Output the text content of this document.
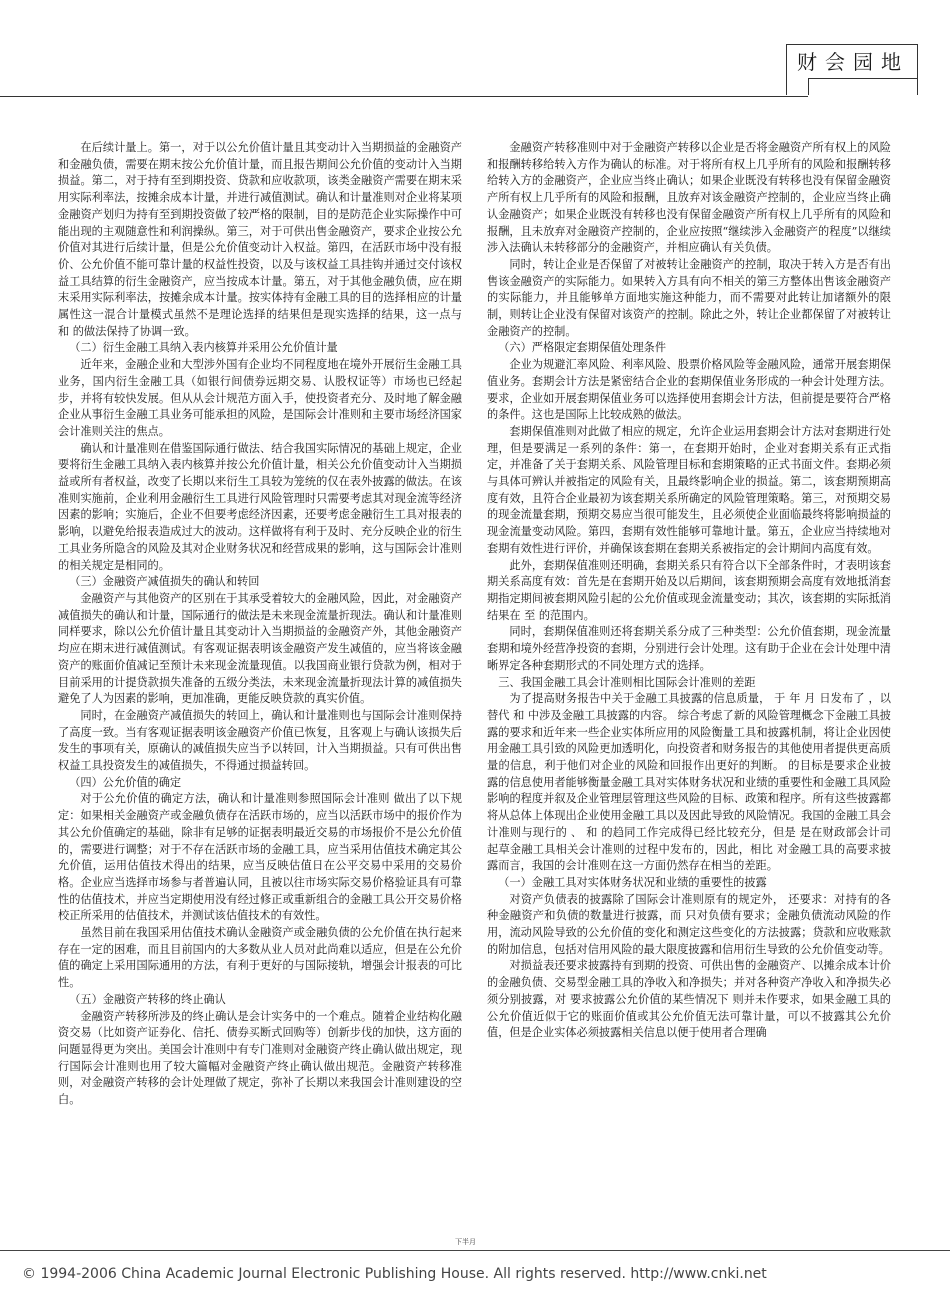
财 会 园 地

在后续计量上。第一，对于以公允价值计量且其变动计入当期损益的金融资产和金融负债，需要在期末按公允价值计量，而且报告期间公允价值的变动计入当期损益。第二，对于持有至到期投资、贷款和应收款项，该类金融资产需要在期末采用实际利率法，按摊余成本计量，并进行减值测试。确认和计量准则对企业将某项金融资产划归为持有至到期投资做了较严格的限制，目的是防范企业实际操作中可能出现的主观随意性和利润操纵。第三，对于可供出售金融资产，要求企业按公允价值对其进行后续计量，但是公允价值变动计入权益。第四，在活跃市场中没有报价、公允价值不能可靠计量的权益性投资，以及与该权益工具挂钩并通过交付该权益工具结算的衍生金融资产，应当按成本计量。第五，对于其他金融负债，应在期末采用实际利率法，按摊余成本计量。按实体持有金融工具的目的选择相应的计量属性这一混合计量模式虽然不是理论选择的结果但是现实选择的结果，这一点与 和 的做法保持了协调一致。

（二）衍生金融工具纳入表内核算并采用公允价值计量

近年来，金融企业和大型涉外国有企业均不同程度地在境外开展衍生金融工具业务，国内衍生金融工具（如银行间债券远期交易、认股权证等）市场也已经起步，并将有较快发展。但从从会计规范方面入手，使投资者充分、及时地了解金融企业从事衍生金融工具业务可能承担的风险，是国际会计准则和主要市场经济国家会计准则关注的焦点。

确认和计量准则在借鉴国际通行做法、结合我国实际情况的基础上规定，企业要将衍生金融工具纳入表内核算并按公允价值计量，相关公允价值变动计入当期损益或所有者权益，改变了长期以来衍生工具较为笼统的仅在表外披露的做法。在该准则实施前，企业利用金融衍生工具进行风险管理时只需要考虑其对现金流等经济因素的影响；实施后，企业不但要考虑经济因素，还要考虑金融衍生工具对报表的影响，以避免给报表造成过大的波动。这样做将有利于及时、充分反映企业的衍生工具业务所隐含的风险及其对企业财务状况和经营成果的影响，这与国际会计准则的相关规定是相同的。

（三）金融资产减值损失的确认和转回

金融资产与其他资产的区别在于其承受着较大的金融风险，因此，对金融资产减值损失的确认和计量，国际通行的做法是未来现金流量折现法。确认和计量准则同样要求，除以公允价值计量且其变动计入当期损益的金融资产外，其他金融资产均应在期末进行减值测试。有客观证据表明该金融资产发生减值的，应当将该金融资产的账面价值减记至预计未来现金流量现值。以我国商业银行贷款为例，相对于目前采用的计提贷款损失准备的五级分类法，未来现金流量折现法计算的减值损失避免了人为因素的影响，更加准确，更能反映贷款的真实价值。

同时，在金融资产减值损失的转回上，确认和计量准则也与国际会计准则保持了高度一致。当有客观证据表明该金融资产价值已恢复，且客观上与确认该损失后发生的事项有关，原确认的减值损失应当予以转回，计入当期损益。只有可供出售权益工具投资发生的减值损失，不得通过损益转回。

（四）公允价值的确定

对于公允价值的确定方法，确认和计量准则参照国际会计准则 做出了以下规定：如果相关金融资产或金融负债存在活跃市场的，应当以活跃市场中的报价作为其公允价值确定的基础，除非有足够的证据表明最近交易的市场报价不是公允价值的，需要进行调整；对于不存在活跃市场的金融工具，应当采用估值技术确定其公允价值，运用估值技术得出的结果，应当反映估值日在公平交易中采用的交易价格。企业应当选择市场参与者普遍认同，且被以往市场实际交易价格验证具有可靠性的估值技术，并应当定期使用没有经过修正或重新组合的金融工具公开交易价格校正所采用的估值技术，并测试该估值技术的有效性。

虽然目前在我国采用估值技术确认金融资产或金融负债的公允价值在执行起来存在一定的困难，而且目前国内的大多数从业人员对此尚难以适应，但是在公允价值的确定上采用国际通用的方法，有利于更好的与国际接轨，增强会计报表的可比性。

（五）金融资产转移的终止确认

金融资产转移所涉及的终止确认是会计实务中的一个难点。随着企业结构化融资交易（比如资产证券化、信托、债券买断式回购等）创新步伐的加快，这方面的问题显得更为突出。美国会计准则中有专门准则对金融资产终止确认做出规定，现行国际会计准则也用了较大篇幅对金融资产终止确认做出规范。金融资产转移准则，对金融资产转移的会计处理做了规定，弥补了长期以来我国会计准则建设的空白。

金融资产转移准则中对于金融资产转移以企业是否将金融资产所有权上的风险和报酬转移给转入方作为确认的标准。对于将所有权上几乎所有的风险和报酬转移给转入方的金融资产，企业应当终止确认；如果企业既没有转移也没有保留金融资产所有权上几乎所有的风险和报酬，且放弃对该金融资产控制的，企业应当终止确认金融资产；如果企业既没有转移也没有保留金融资产所有权上几乎所有的风险和报酬，且未放弃对金融资产控制的，企业应按照“继续涉入金融资产的程度”以继续涉入法确认未转移部分的金融资产，并相应确认有关负债。

同时，转让企业是否保留了对被转让金融资产的控制，取决于转入方是否有出售该金融资产的实际能力。如果转入方具有向不相关的第三方整体出售该金融资产的实际能力，并且能够单方面地实施这种能力，而不需要对此转让加诸额外的限制，则转让企业没有保留对该资产的控制。除此之外，转让企业都保留了对被转让金融资产的控制。

（六）严格限定套期保值处理条件

企业为规避汇率风险、利率风险、股票价格风险等金融风险，通常开展套期保值业务。套期会计方法是紧密结合企业的套期保值业务形成的一种会计处理方法。 要求，企业如开展套期保值业务可以选择使用套期会计方法，但前提是要符合严格的条件。这也是国际上比较成熟的做法。

套期保值准则对此做了相应的规定，允许企业运用套期会计方法对套期进行处理，但是要满足一系列的条件：第一，在套期开始时，企业对套期关系有正式指定，并准备了关于套期关系、风险管理目标和套期策略的正式书面文件。套期必须与具体可辨认并被指定的风险有关，且最终影响企业的损益。第二，该套期预期高度有效，且符合企业最初为该套期关系所确定的风险管理策略。第三，对预期交易的现金流量套期，预期交易应当很可能发生，且必须使企业面临最终将影响损益的现金流量变动风险。第四，套期有效性能够可靠地计量。第五，企业应当持续地对套期有效性进行评价，并确保该套期在套期关系被指定的会计期间内高度有效。

此外，套期保值准则还明确，套期关系只有符合以下全部条件时，才表明该套期关系高度有效：首先是在套期开始及以后期间，该套期预期会高度有效地抵消套期指定期间被套期风险引起的公允价值或现金流量变动；其次，该套期的实际抵消结果在 至 的范围内。

同时，套期保值准则还将套期关系分成了三种类型：公允价值套期，现金流量套期和境外经营净投资的套期，分别进行会计处理。这有助于企业在会计处理中清晰界定各种套期形式的不同处理方式的选择。

三、我国金融工具会计准则相比国际会计准则的差距

为了提高财务报告中关于金融工具披露的信息质量， 于 年 月 日发布了 ，以替代 和 中涉及金融工具披露的内容。 综合考虑了新的风险管理概念下金融工具披露的要求和近年来一些企业实体所应用的风险衡量工具和披露机制，将让企业因使用金融工具引致的风险更加透明化，向投资者和财务报告的其他使用者提供更高质量的信息，利于他们对企业的风险和回报作出更好的判断。 的目标是要求企业披露的信息使用者能够衡量金融工具对实体财务状况和业绩的重要性和金融工具风险影响的程度并叙及企业管理层管理这些风险的目标、政策和程序。所有这些披露都将从总体上体现出企业使用金融工具以及因此导致的风险情况。我国的金融工具会计准则与现行的 、 和 的趋同工作完成得已经比较充分，但是 是在财政部会计司起草金融工具相关会计准则的过程中发布的，因此，相比 对金融工具的高要求披露而言，我国的会计准则在这一方面仍然存在相当的差距。

（一）金融工具对实体财务状况和业绩的重要性的披露

对资产负债表的披露除了国际会计准则原有的规定外， 还要求：对持有的各种金融资产和负债的数量进行披露，而 只对负债有要求；金融负债流动风险的作用，流动风险导致的公允价值的变化和测定这些变化的方法披露；贷款和应收账款的附加信息，包括对信用风险的最大限度披露和信用衍生导致的公允价值变动等。

对损益表还要求披露持有到期的投资、可供出售的金融资产、以摊余成本计价的金融负债、交易型金融工具的净收入和净损失；并对各种资产净收入和净损失必须分别披露，对 要求披露公允价值的某些情况下 则并未作要求，如果金融工具的公允价值近似于它的账面价值或其公允价值无法可靠计量，可以不披露其公允价值，但是企业实体必须披露相关信息以便于使用者合理确

下半月
© 1994-2006 China Academic Journal Electronic Publishing House. All rights reserved. http://www.cnki.net
